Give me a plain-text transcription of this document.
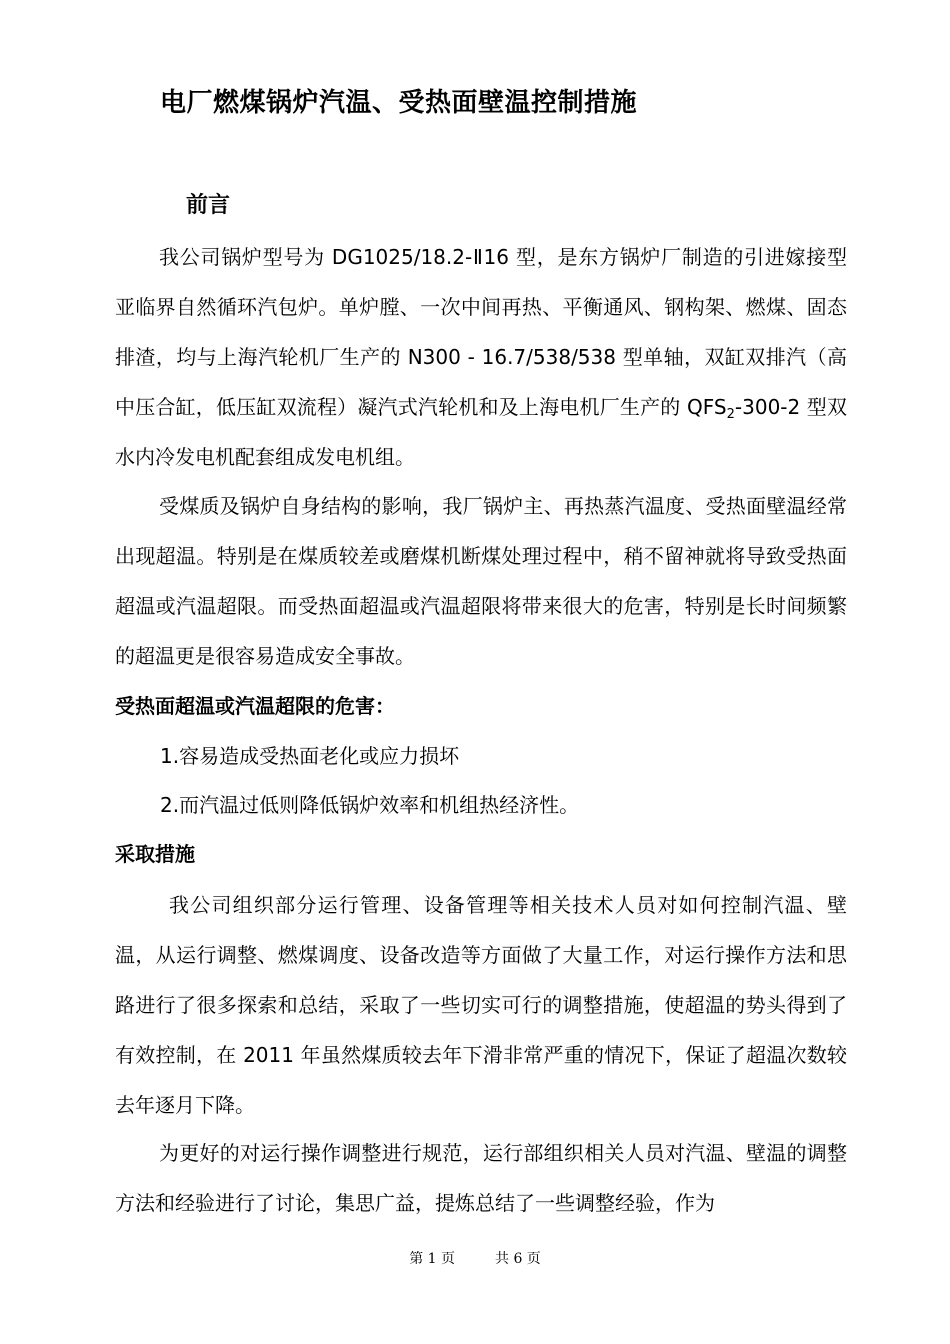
电厂燃煤锅炉汽温、受热面壁温控制措施
前言
我公司锅炉型号为 DG1025/18.2-Ⅱ16 型，是东方锅炉厂制造的引进嫁接型亚临界自然循环汽包炉。单炉膛、一次中间再热、平衡通风、钢构架、燃煤、固态排渣，均与上海汽轮机厂生产的 N300 - 16.7/538/538 型单轴，双缸双排汽（高中压合缸，低压缸双流程）凝汽式汽轮机和及上海电机厂生产的 $QFS_2-300-2$ 型双水内冷发电机配套组成发电机组。
受煤质及锅炉自身结构的影响，我厂锅炉主、再热蒸汽温度、受热面壁温经常出现超温。特别是在煤质较差或磨煤机断煤处理过程中，稍不留神就将导致受热面超温或汽温超限。而受热面超温或汽温超限将带来很大的危害，特别是长时间频繁的超温更是很容易造成安全事故。
受热面超温或汽温超限的危害：
1.容易造成受热面老化或应力损坏
2.而汽温过低则降低锅炉效率和机组热经济性。
采取措施
我公司组织部分运行管理、设备管理等相关技术人员对如何控制汽温、壁温，从运行调整、燃煤调度、设备改造等方面做了大量工作，对运行操作方法和思路进行了很多探索和总结，采取了一些切实可行的调整措施，使超温的势头得到了有效控制，在 2011 年虽然煤质较去年下滑非常严重的情况下，保证了超温次数较去年逐月下降。
为更好的对运行操作调整进行规范，运行部组织相关人员对汽温、壁温的调整方法和经验进行了讨论，集思广益，提炼总结了一些调整经验，作为
第 1 页	共 6 页
